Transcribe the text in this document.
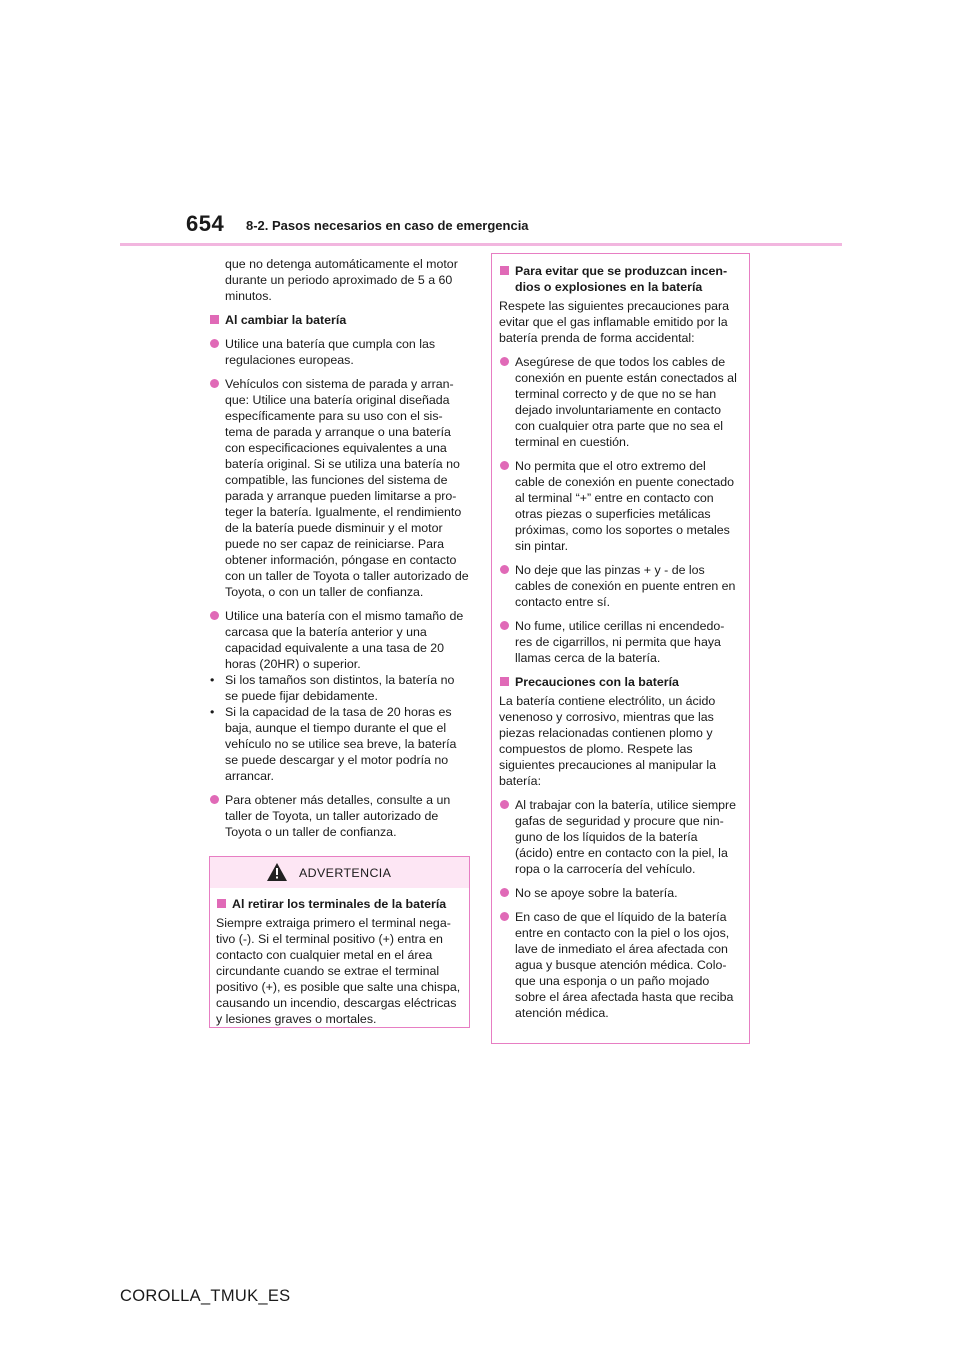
654 8-2. Pasos necesarios en caso de emergencia

que no detenga automáticamente el motor durante un periodo aproximado de 5 a 60 minutos.

Al cambiar la batería
Utilice una batería que cumpla con las regulaciones europeas.
Vehículos con sistema de parada y arran-que: Utilice una batería original diseñada específicamente para su uso con el sis-tema de parada y arranque o una batería con especificaciones equivalentes a una batería original. Si se utiliza una batería no compatible, las funciones del sistema de parada y arranque pueden limitarse a pro-teger la batería. Igualmente, el rendimiento de la batería puede disminuir y el motor puede no ser capaz de reiniciarse. Para obtener información, póngase en contacto con un taller de Toyota o taller autorizado de Toyota, o con un taller de confianza.
Utilice una batería con el mismo tamaño de carcasa que la batería anterior y una capacidad equivalente a una tasa de 20 horas (20HR) o superior.
• Si los tamaños son distintos, la batería no se puede fijar debidamente.
• Si la capacidad de la tasa de 20 horas es baja, aunque el tiempo durante el que el vehículo no se utilice sea breve, la batería se puede descargar y el motor podría no arrancar.
Para obtener más detalles, consulte a un taller de Toyota, un taller autorizado de Toyota o un taller de confianza.
ADVERTENCIA
Al retirar los terminales de la batería

Siempre extraiga primero el terminal nega-tivo (-). Si el terminal positivo (+) entra en contacto con cualquier metal en el área circundante cuando se extrae el terminal positivo (+), es posible que salte una chispa, causando un incendio, descargas eléctricas y lesiones graves o mortales.

Para evitar que se produzcan incen-dios o explosiones en la batería

Respete las siguientes precauciones para evitar que el gas inflamable emitido por la batería prenda de forma accidental:

Asegúrese de que todos los cables de conexión en puente están conectados al terminal correcto y de que no se han dejado involuntariamente en contacto con cualquier otra parte que no sea el terminal en cuestión.
No permita que el otro extremo del cable de conexión en puente conectado al terminal “+” entre en contacto con otras piezas o superficies metálicas próximas, como los soportes o metales sin pintar.
No deje que las pinzas + y - de los cables de conexión en puente entren en contacto entre sí.
No fume, utilice cerillas ni encendedo-res de cigarrillos, ni permita que haya llamas cerca de la batería.
Precauciones con la batería

La batería contiene electrólito, un ácido venenoso y corrosivo, mientras que las piezas relacionadas contienen plomo y compuestos de plomo. Respete las siguientes precauciones al manipular la batería:

Al trabajar con la batería, utilice siempre gafas de seguridad y procure que nin-guno de los líquidos de la batería (ácido) entre en contacto con la piel, la ropa o la carrocería del vehículo.
No se apoye sobre la batería.
En caso de que el líquido de la batería entre en contacto con la piel o los ojos, lave de inmediato el área afectada con agua y busque atención médica. Colo-que una esponja o un paño mojado sobre el área afectada hasta que reciba atención médica.
COROLLA_TMUK_ES
